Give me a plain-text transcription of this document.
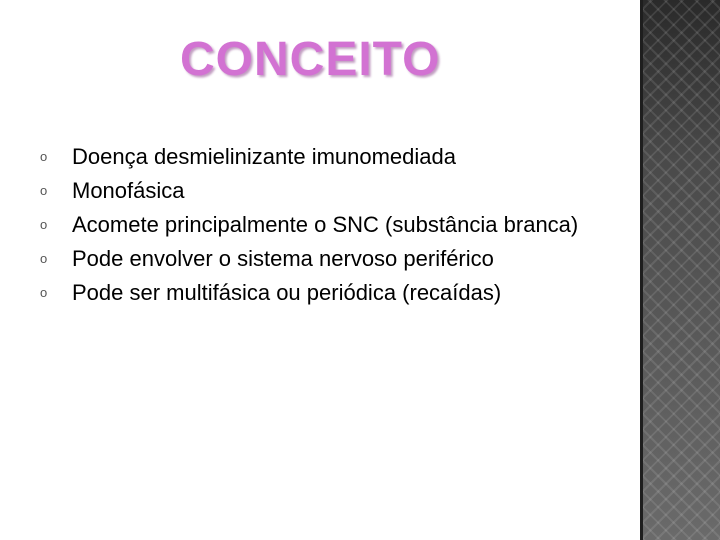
CONCEITO
o Doença desmielinizante imunomediada
o Monofásica
o Acomete principalmente o SNC (substância branca)
o Pode envolver o sistema nervoso periférico
o Pode ser multifásica ou periódica (recaídas)
